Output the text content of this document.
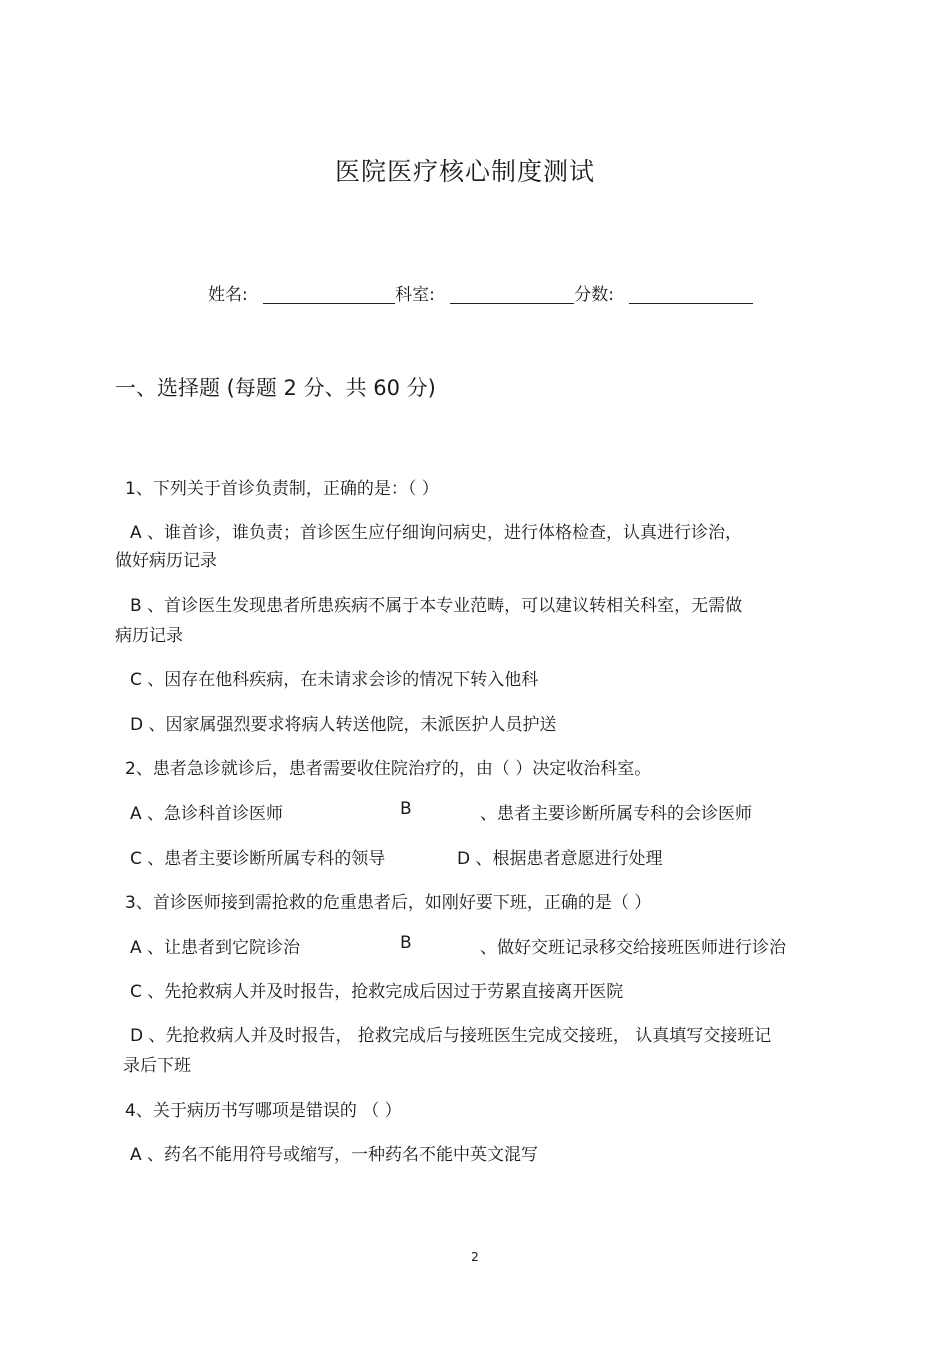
医院医疗核心制度测试
姓名:	科室:	分数:
一、选择题 (每题 2 分、共 60 分)
1、下列关于首诊负责制，正确的是：（ ）
A 、谁首诊，谁负责；首诊医生应仔细询问病史，进行体格检查，认真进行诊治，
做好病历记录
B 、首诊医生发现患者所患疾病不属于本专业范畴，可以建议转相关科室，无需做
病历记录
C 、因存在他科疾病，在未请求会诊的情况下转入他科
D 、因家属强烈要求将病人转送他院，未派医护人员护送
2、患者急诊就诊后，患者需要收住院治疗的，由（ ）决定收治科室。
A 、急诊科首诊医师	B	、患者主要诊断所属专科的会诊医师
C 、患者主要诊断所属专科的领导	D 、根据患者意愿进行处理
3、首诊医师接到需抢救的危重患者后，如刚好要下班，正确的是（ ）
A 、让患者到它院诊治	B	、做好交班记录移交给接班医师进行诊治
C 、先抢救病人并及时报告，抢救完成后因过于劳累直接离开医院
D 、先抢救病人并及时报告， 抢救完成后与接班医生完成交接班， 认真填写交接班记
录后下班
4、关于病历书写哪项是错误的 （ ）
A 、药名不能用符号或缩写，一种药名不能中英文混写
2
